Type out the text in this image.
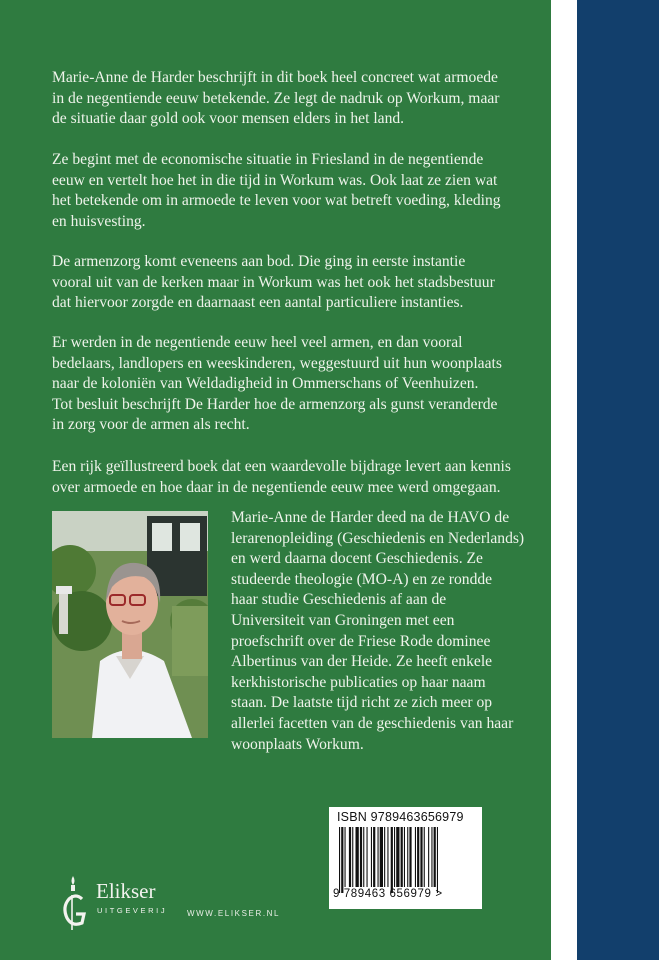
Marie-Anne de Harder beschrijft in dit boek heel concreet wat armoede
in de negentiende eeuw betekende. Ze legt de nadruk op Workum, maar
de situatie daar gold ook voor mensen elders in het land.
Ze begint met de economische situatie in Friesland in de negentiende
eeuw en vertelt hoe het in die tijd in Workum was. Ook laat ze zien wat
het betekende om in armoede te leven voor wat betreft voeding, kleding
en huisvesting.
De armenzorg komt eveneens aan bod. Die ging in eerste instantie
vooral uit van de kerken maar in Workum was het ook het stadsbestuur
dat hiervoor zorgde en daarnaast een aantal particuliere instanties.
Er werden in de negentiende eeuw heel veel armen, en dan vooral
bedelaars, landlopers en weeskinderen, weggestuurd uit hun woonplaats
naar de koloniën van Weldadigheid in Ommerschans of Veenhuizen.
Tot besluit beschrijft De Harder hoe de armenzorg als gunst veranderde
in zorg voor de armen als recht.
Een rijk geïllustreerd boek dat een waardevolle bijdrage levert aan kennis
over armoede en hoe daar in de negentiende eeuw mee werd omgegaan.
Marie-Anne de Harder deed na de HAVO de
lerarenopleiding (Geschiedenis en Nederlands)
en werd daarna docent Geschiedenis. Ze
studeerde theologie (MO-A) en ze rondde
haar studie Geschiedenis af aan de
Universiteit van Groningen met een
proefschrift over de Friese Rode dominee
Albertinus van der Heide. Ze heeft enkele
kerkhistorische publicaties op haar naam
staan. De laatste tijd richt ze zich meer op
allerlei facetten van de geschiedenis van haar
woonplaats Workum.
ISBN 9789463656979
9 789463 656979 >
Elikser
UITGEVERIJ WWW.ELIKSER.NL
